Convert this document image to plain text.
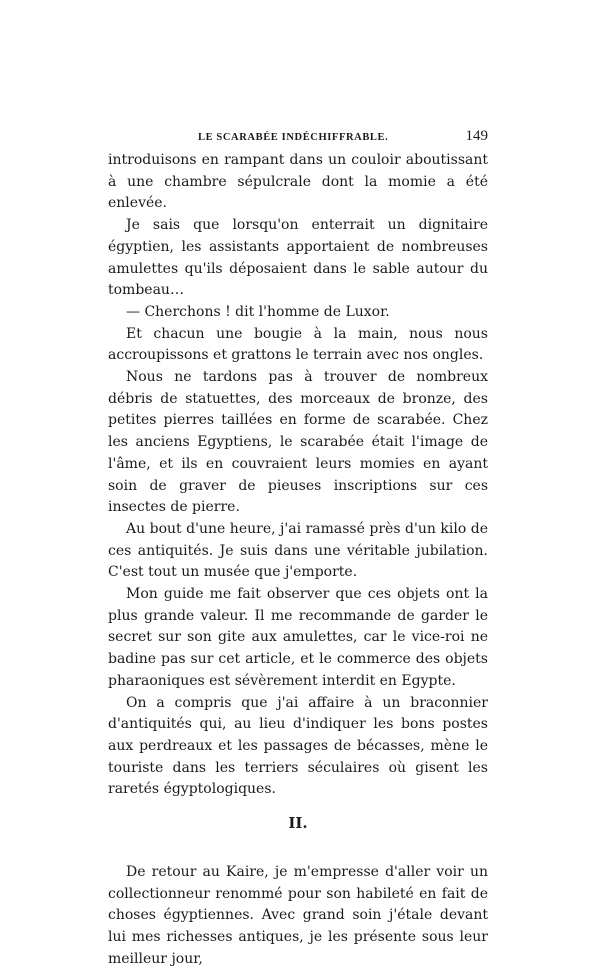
LE SCARABÉE INDÉCHIFFRABLE.	149

introduisons en rampant dans un couloir aboutissant à une chambre sépulcrale dont la momie a été enlevée.

Je sais que lorsqu'on enterrait un dignitaire égyptien, les assistants apportaient de nombreuses amulettes qu'ils déposaient dans le sable autour du tombeau…

— Cherchons ! dit l'homme de Luxor.

Et chacun une bougie à la main, nous nous accroupissons et grattons le terrain avec nos ongles.

Nous ne tardons pas à trouver de nombreux débris de statuettes, des morceaux de bronze, des petites pierres taillées en forme de scarabée. Chez les anciens Egyptiens, le scarabée était l'image de l'âme, et ils en couvraient leurs momies en ayant soin de graver de pieuses inscriptions sur ces insectes de pierre.

Au bout d'une heure, j'ai ramassé près d'un kilo de ces antiquités. Je suis dans une véritable jubilation. C'est tout un musée que j'emporte.

Mon guide me fait observer que ces objets ont la plus grande valeur. Il me recommande de garder le secret sur son gite aux amulettes, car le vice-roi ne badine pas sur cet article, et le commerce des objets pharaoniques est sévèrement interdit en Egypte.

On a compris que j'ai affaire à un braconnier d'antiquités qui, au lieu d'indiquer les bons postes aux perdreaux et les passages de bécasses, mène le touriste dans les terriers séculaires où gisent les raretés égyptologiques.

II.

De retour au Kaire, je m'empresse d'aller voir un collectionneur renommé pour son habileté en fait de choses égyptiennes. Avec grand soin j'étale devant lui mes richesses antiques, je les présente sous leur meilleur jour,
